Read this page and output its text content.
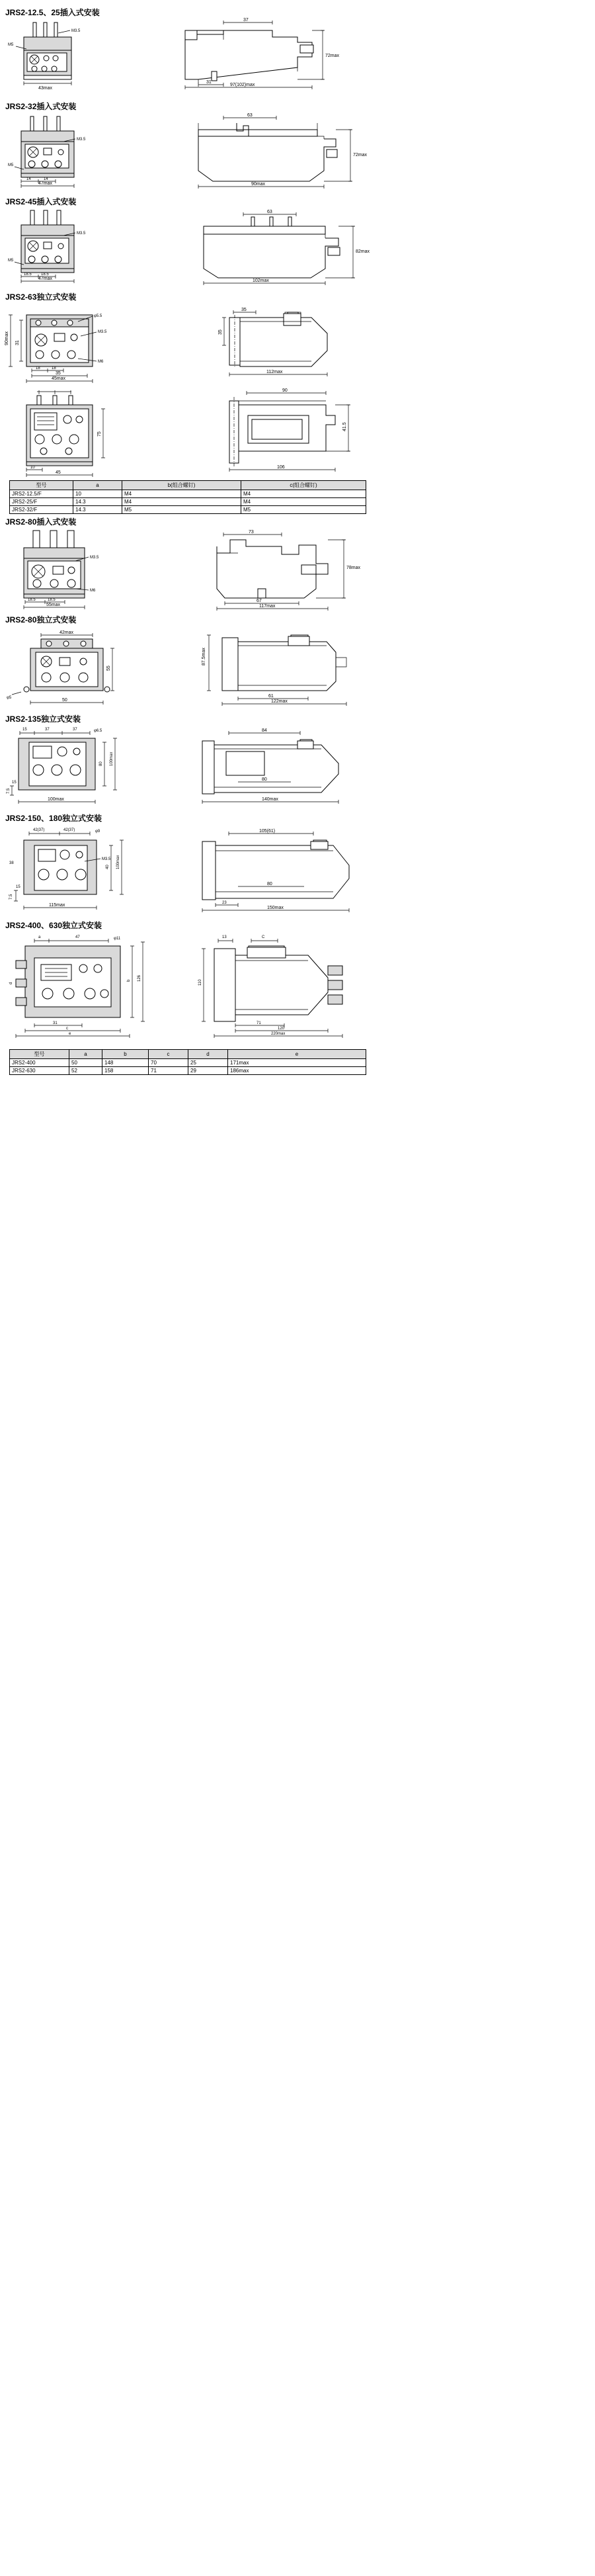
JRS2-12.5、25插入式安装
M3.5
M5
43max
37
72max
31
97(102)max
JRS2-32插入式安装
M3.5
M5
14	14
47max
63
72max
90max
JRS2-45插入式安装
M3.5
M5
18.5 18.5
47max
63
82max
102max
JRS2-63独立式安装
90max 31
φ5.5
M3.5
M6
18	18
35
45max
35
35
112max
75
10
45
90
41.5
106
型号	a	b(组合螺钉)	c(组合螺钉)
JRS2-12.5/F	10	M4	M4
JRS2-25/F	14.3	M4	M4
JRS2-32/F	14.3	M5	M5
JRS2-80插入式安装
M3.5
M6
18.5	18.5
55max
73
78max
67
117max
JRS2-80独立式安装
42max
55
φ5	50
87.5max
61
122max
JRS2-135独立式安装
15	37	37	φ6.5
80 100max
7.5
15
100max
84
80
140max
JRS2-150、180独立式安装
42(37)	42(37)	φ9
M3.5
40 100max
38
7.5
15
115max
105(61)
80
23
150max
JRS2-400、630独立式安装
a	47	φ11
b 126
d
31
c
e
13	C
110
71
120
220max
型号	a	b	c	d	e
JRS2-400	50	148	70	25	171max
JRS2-630	52	158	71	29	186max
